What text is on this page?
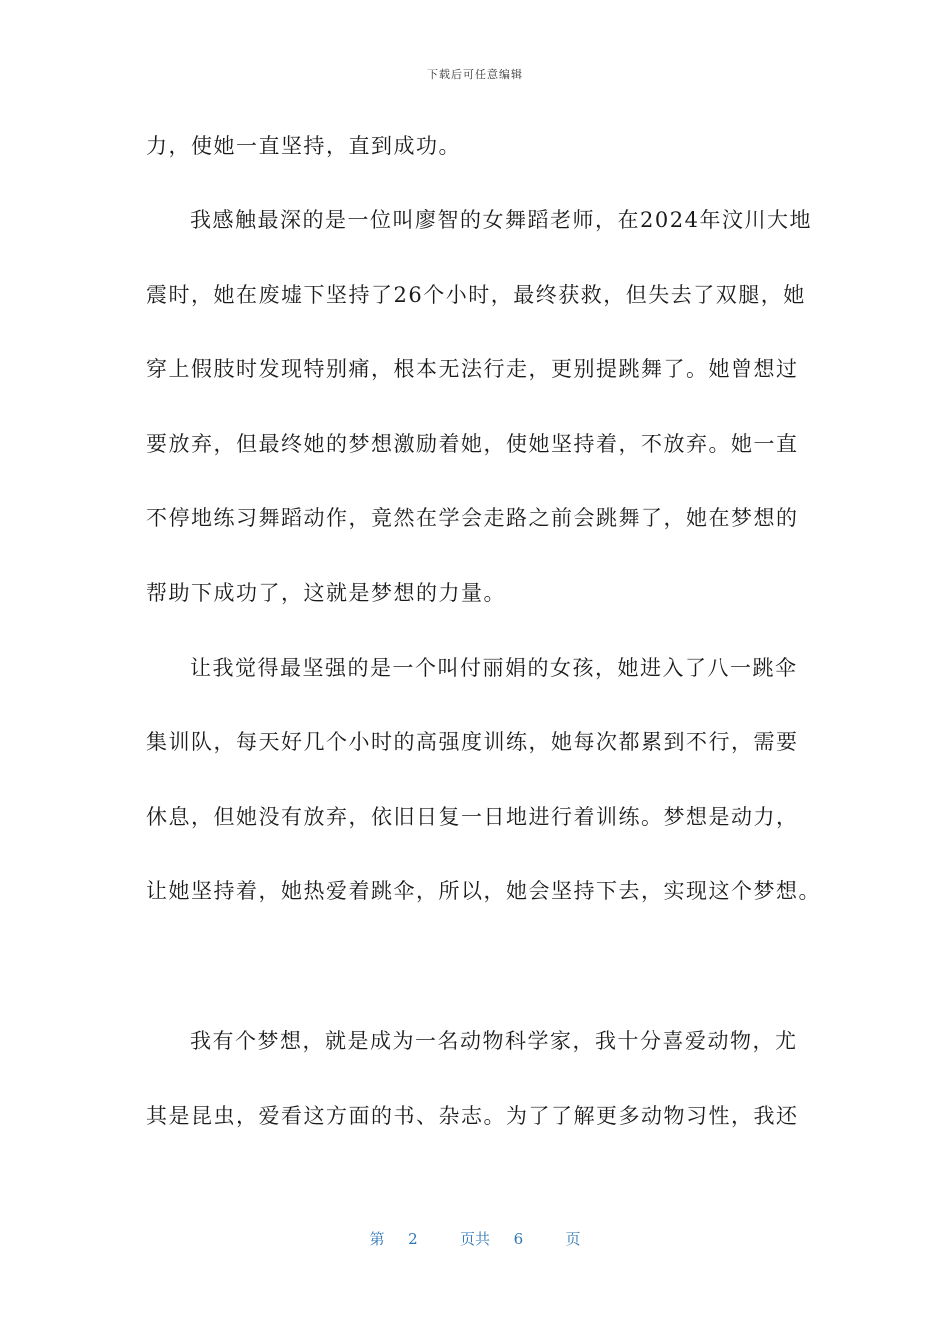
下载后可任意编辑
力，使她一直坚持，直到成功。
我感触最深的是一位叫廖智的女舞蹈老师，在2024年汶川大地
震时，她在废墟下坚持了26个小时，最终获救，但失去了双腿，她
穿上假肢时发现特别痛，根本无法行走，更别提跳舞了。她曾想过
要放弃，但最终她的梦想激励着她，使她坚持着，不放弃。她一直
不停地练习舞蹈动作，竟然在学会走路之前会跳舞了，她在梦想的
帮助下成功了，这就是梦想的力量。
让我觉得最坚强的是一个叫付丽娟的女孩，她进入了八一跳伞
集训队，每天好几个小时的高强度训练，她每次都累到不行，需要
休息，但她没有放弃，依旧日复一日地进行着训练。梦想是动力，
让她坚持着，她热爱着跳伞，所以，她会坚持下去，实现这个梦想。
我有个梦想，就是成为一名动物科学家，我十分喜爱动物，尤
其是昆虫，爱看这方面的书、杂志。为了了解更多动物习性，我还
第 2	页共 6	页
